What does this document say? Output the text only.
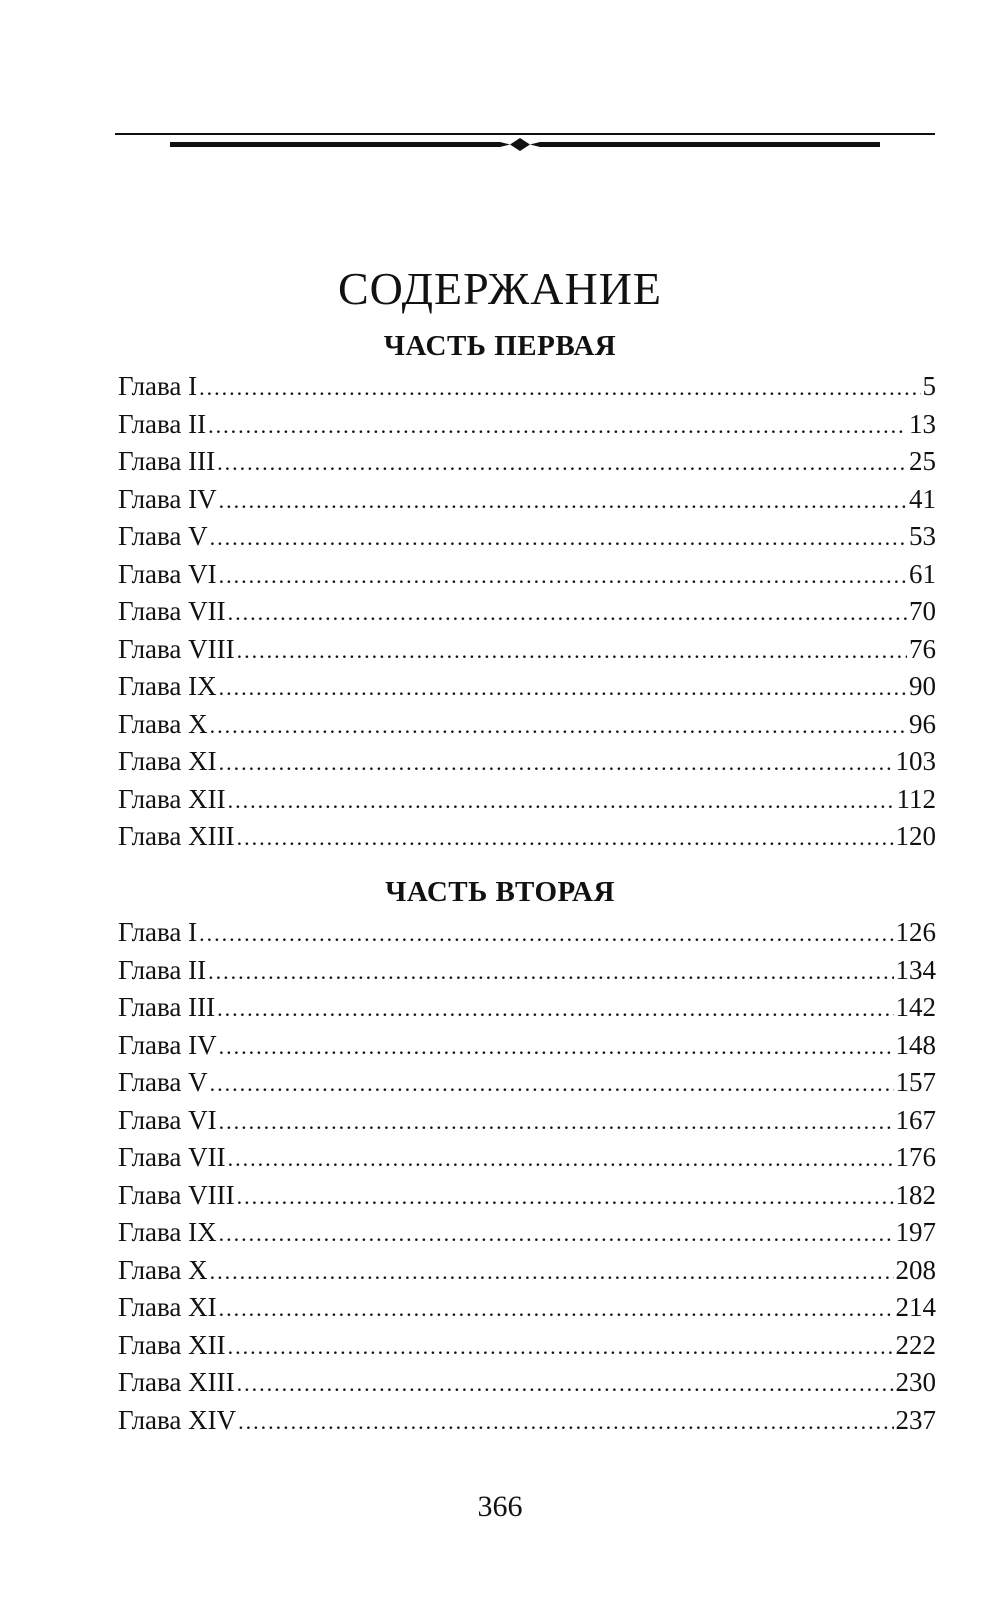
СОДЕРЖАНИЕ
ЧАСТЬ ПЕРВАЯ
Глава I .....	5
Глава II .....	13
Глава III .....	25
Глава IV .....	41
Глава V .....	53
Глава VI .....	61
Глава VII .....	70
Глава VIII .....	76
Глава IX .....	90
Глава X .....	96
Глава XI .....	103
Глава XII .....	112
Глава XIII .....	120
ЧАСТЬ ВТОРАЯ
Глава I .....	126
Глава II .....	134
Глава III .....	142
Глава IV .....	148
Глава V .....	157
Глава VI .....	167
Глава VII .....	176
Глава VIII .....	182
Глава IX .....	197
Глава X .....	208
Глава XI .....	214
Глава XII .....	222
Глава XIII .....	230
Глава XIV .....	237
366
